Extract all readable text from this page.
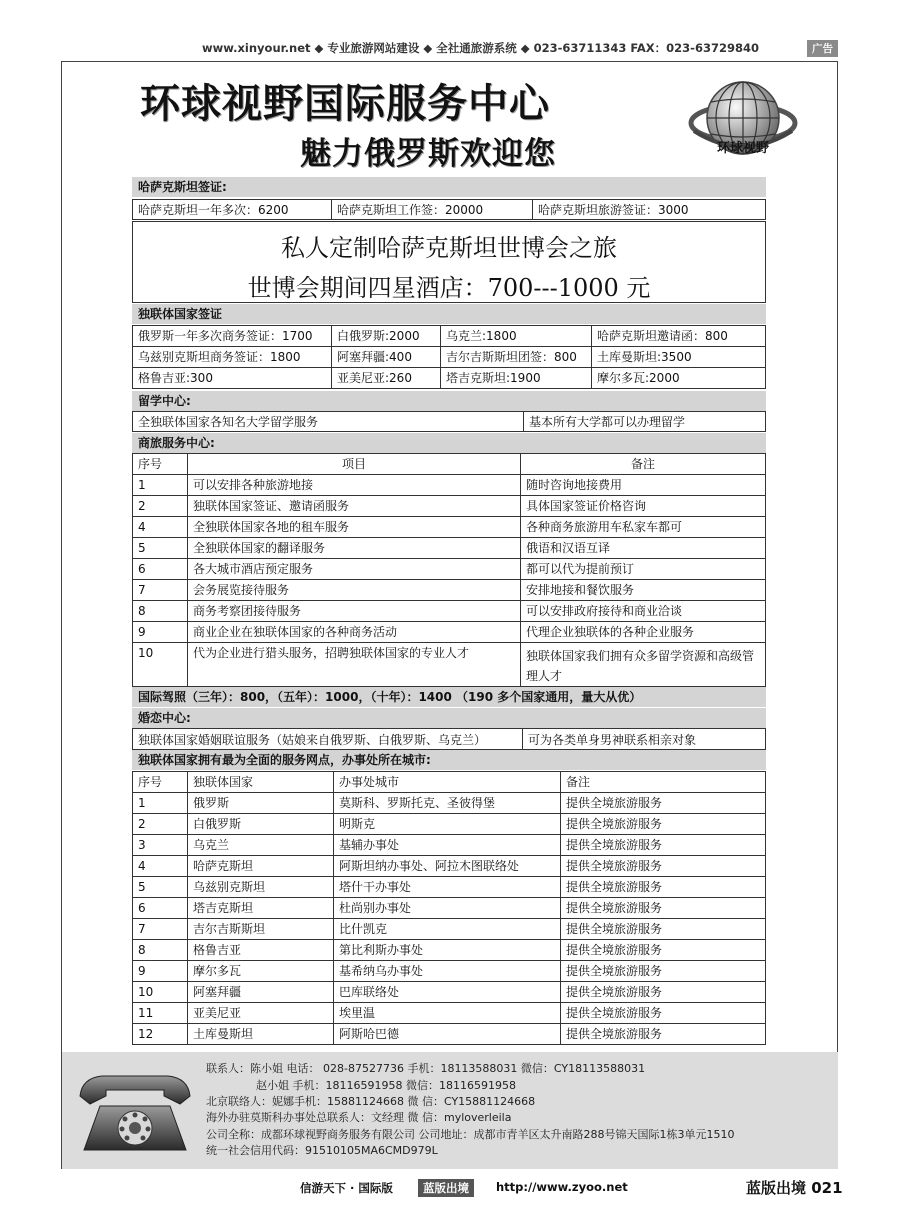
www.xinyour.net ◆ 专业旅游网站建设 ◆ 全社通旅游系统 ◆ 023-63711343 FAX：023-63729840	广告
环球视野国际服务中心
魅力俄罗斯欢迎您	环球视野
哈萨克斯坦签证:
哈萨克斯坦一年多次：6200	哈萨克斯坦工作签：20000	哈萨克斯坦旅游签证：3000
私人定制哈萨克斯坦世博会之旅
世博会期间四星酒店：700---1000 元
独联体国家签证
俄罗斯一年多次商务签证：1700	白俄罗斯:2000	乌克兰:1800	哈萨克斯坦邀请函：800
乌兹别克斯坦商务签证：1800	阿塞拜疆:400	吉尔吉斯斯坦团签：800	土库曼斯坦:3500
格鲁吉亚:300	亚美尼亚:260	塔吉克斯坦:1900	摩尔多瓦:2000
留学中心:
全独联体国家各知名大学留学服务	基本所有大学都可以办理留学
商旅服务中心:
序号	项目	备注
1	可以安排各种旅游地接	随时咨询地接费用
2	独联体国家签证、邀请函服务	具体国家签证价格咨询
4	全独联体国家各地的租车服务	各种商务旅游用车私家车都可
5	全独联体国家的翻译服务	俄语和汉语互译
6	各大城市酒店预定服务	都可以代为提前预订
7	会务展览接待服务	安排地接和餐饮服务
8	商务考察团接待服务	可以安排政府接待和商业洽谈
9	商业企业在独联体国家的各种商务活动	代理企业独联体的各种企业服务
10	代为企业进行猎头服务，招聘独联体国家的专业人才	独联体国家我们拥有众多留学资源和高级管理人才
国际驾照（三年）：800，（五年）：1000，（十年）：1400 （190 多个国家通用，量大从优）
婚恋中心:
独联体国家婚姻联谊服务（姑娘来自俄罗斯、白俄罗斯、乌克兰）	可为各类单身男神联系相亲对象
独联体国家拥有最为全面的服务网点，办事处所在城市:
序号	独联体国家	办事处城市	备注
1	俄罗斯	莫斯科、罗斯托克、圣彼得堡	提供全境旅游服务
2	白俄罗斯	明斯克	提供全境旅游服务
3	乌克兰	基辅办事处	提供全境旅游服务
4	哈萨克斯坦	阿斯坦纳办事处、阿拉木图联络处	提供全境旅游服务
5	乌兹别克斯坦	塔什干办事处	提供全境旅游服务
6	塔吉克斯坦	杜尚别办事处	提供全境旅游服务
7	吉尔吉斯斯坦	比什凯克	提供全境旅游服务
8	格鲁吉亚	第比利斯办事处	提供全境旅游服务
9	摩尔多瓦	基希纳乌办事处	提供全境旅游服务
10	阿塞拜疆	巴库联络处	提供全境旅游服务
11	亚美尼亚	埃里温	提供全境旅游服务
12	土库曼斯坦	阿斯哈巴德	提供全境旅游服务
联系人：陈小姐 电话： 028-87527736 手机：18113588031 微信：CY18113588031
赵小姐 手机：18116591958 微信：18116591958
北京联络人：妮娜手机：15881124668 微 信：CY15881124668
海外办驻莫斯科办事处总联系人：文经理 微 信：myloverleila
公司全称：成都环球视野商务服务有限公司 公司地址：成都市青羊区太升南路288号锦天国际1栋3单元1510
统一社会信用代码：91510105MA6CMD979L
信游天下 · 国际版	蓝版出境	http://www.zyoo.net	蓝版出境 021
